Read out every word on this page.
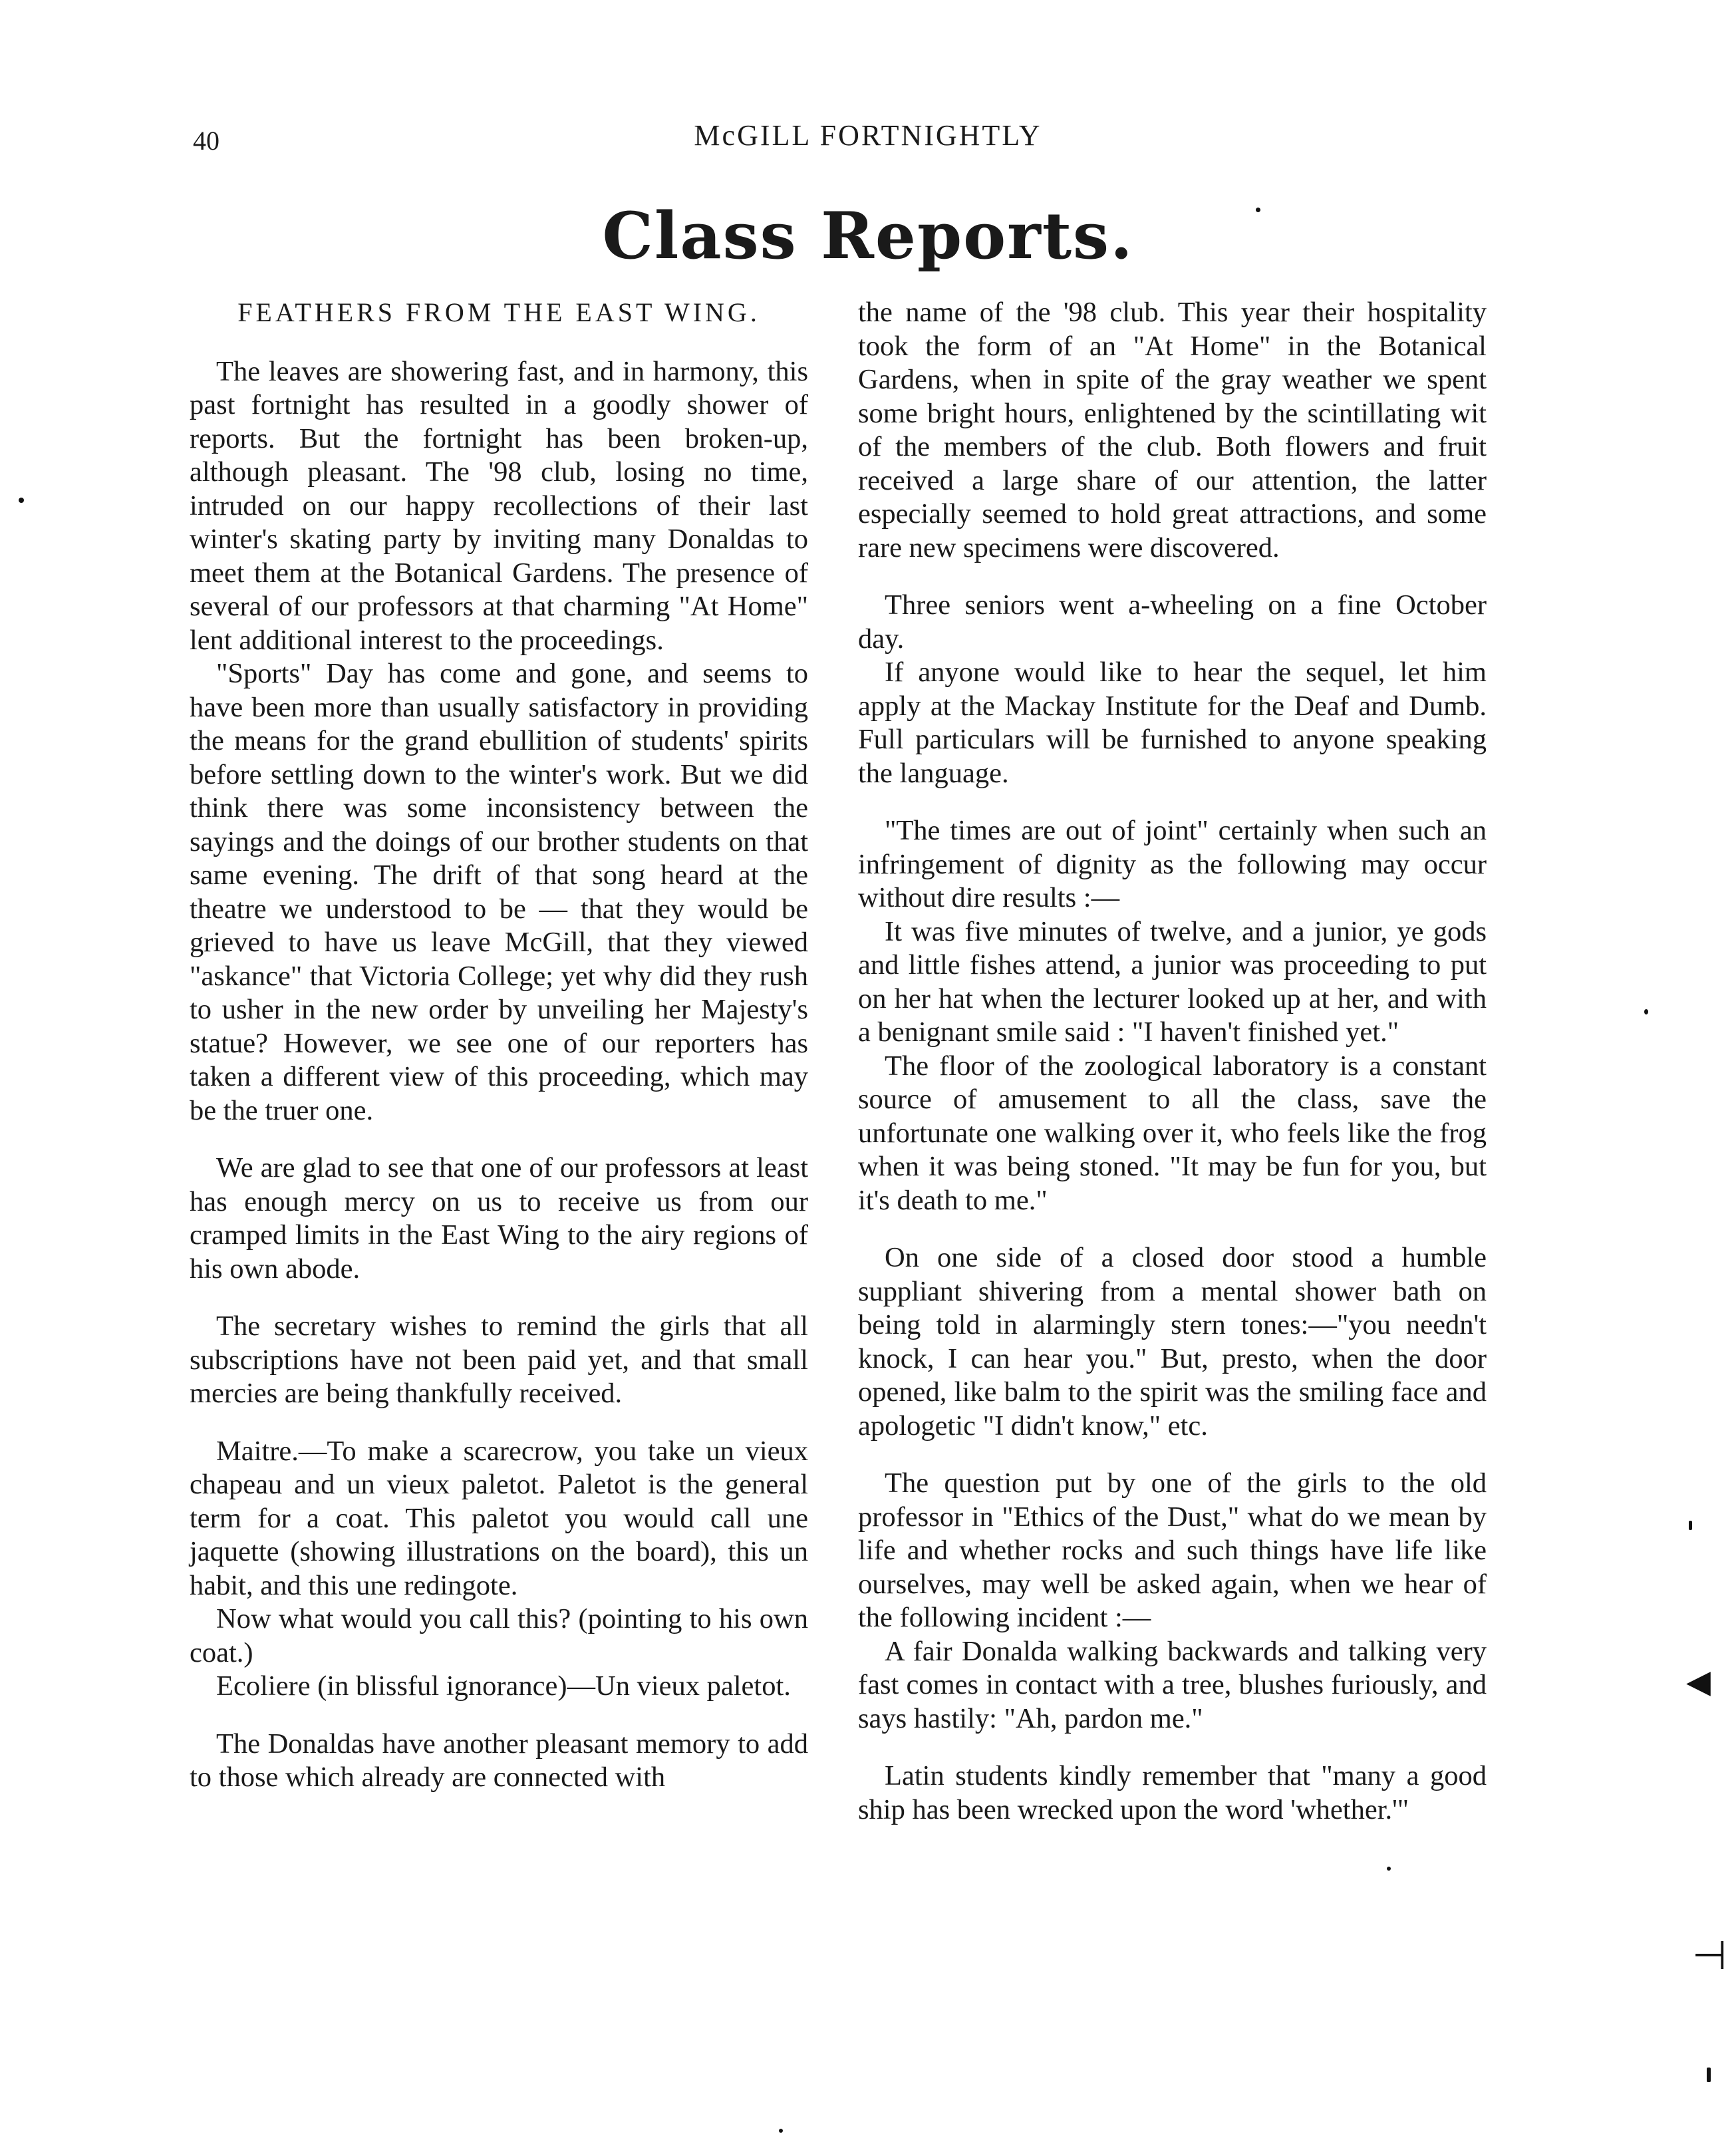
40	McGILL FORTNIGHTLY
Class Reports.
FEATHERS FROM THE EAST WING.

The leaves are showering fast, and in harmony, this past fortnight has resulted in a goodly shower of reports. But the fortnight has been broken-up, although pleasant. The '98 club, losing no time, intruded on our happy recollections of their last winter's skating party by inviting many Donaldas to meet them at the Botanical Gardens. The presence of several of our professors at that charming "At Home" lent additional interest to the proceedings.

"Sports" Day has come and gone, and seems to have been more than usually satisfactory in providing the means for the grand ebullition of students' spirits before settling down to the winter's work. But we did think there was some inconsistency between the sayings and the doings of our brother students on that same evening. The drift of that song heard at the theatre we understood to be — that they would be grieved to have us leave McGill, that they viewed "askance" that Victoria College; yet why did they rush to usher in the new order by unveiling her Majesty's statue? However, we see one of our reporters has taken a different view of this proceeding, which may be the truer one.

We are glad to see that one of our professors at least has enough mercy on us to receive us from our cramped limits in the East Wing to the airy regions of his own abode.

The secretary wishes to remind the girls that all subscriptions have not been paid yet, and that small mercies are being thankfully received.

Maitre.—To make a scarecrow, you take un vieux chapeau and un vieux paletot. Paletot is the general term for a coat. This paletot you would call une jaquette (showing illustrations on the board), this un habit, and this une redingote.

Now what would you call this? (pointing to his own coat.)

Ecoliere (in blissful ignorance)—Un vieux paletot.

The Donaldas have another pleasant memory to add to those which already are connected with

the name of the '98 club. This year their hospitality took the form of an "At Home" in the Botanical Gardens, when in spite of the gray weather we spent some bright hours, enlightened by the scintillating wit of the members of the club. Both flowers and fruit received a large share of our attention, the latter especially seemed to hold great attractions, and some rare new specimens were discovered.

Three seniors went a-wheeling on a fine October day.

If anyone would like to hear the sequel, let him apply at the Mackay Institute for the Deaf and Dumb. Full particulars will be furnished to anyone speaking the language.

"The times are out of joint" certainly when such an infringement of dignity as the following may occur without dire results :—

It was five minutes of twelve, and a junior, ye gods and little fishes attend, a junior was proceeding to put on her hat when the lecturer looked up at her, and with a benignant smile said : "I haven't finished yet."

The floor of the zoological laboratory is a constant source of amusement to all the class, save the unfortunate one walking over it, who feels like the frog when it was being stoned. "It may be fun for you, but it's death to me."

On one side of a closed door stood a humble suppliant shivering from a mental shower bath on being told in alarmingly stern tones:—"you needn't knock, I can hear you." But, presto, when the door opened, like balm to the spirit was the smiling face and apologetic "I didn't know," etc.

The question put by one of the girls to the old professor in "Ethics of the Dust," what do we mean by life and whether rocks and such things have life like ourselves, may well be asked again, when we hear of the following incident :—

A fair Donalda walking backwards and talking very fast comes in contact with a tree, blushes furiously, and says hastily: "Ah, pardon me."

Latin students kindly remember that "many a good ship has been wrecked upon the word 'whether.'"

◀
⊣
